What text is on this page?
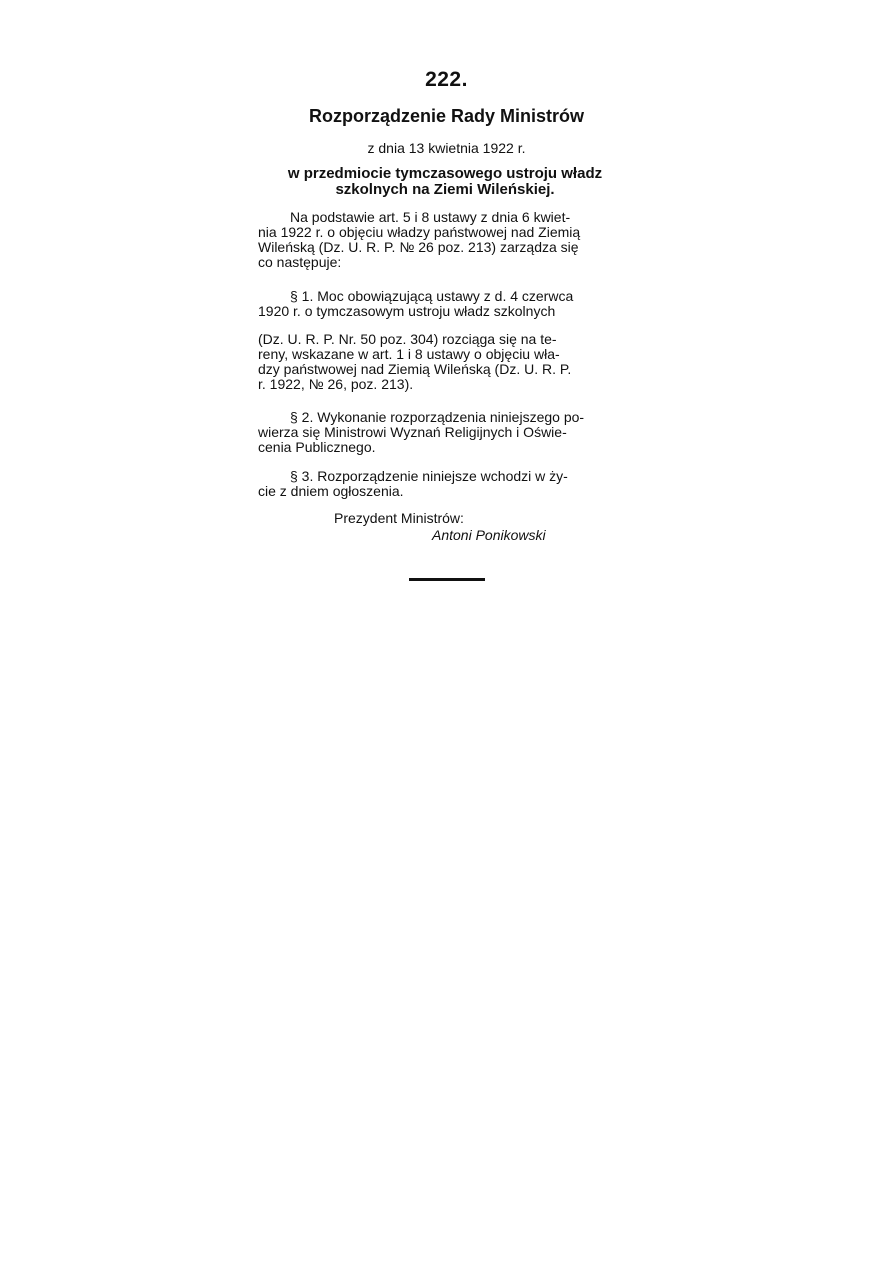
222.
Rozporządzenie Rady Ministrów
z dnia 13 kwietnia 1922 r.
w przedmiocie tymczasowego ustroju władz
szkolnych na Ziemi Wileńskiej.
Na podstawie art. 5 i 8 ustawy z dnia 6 kwiet-
nia 1922 r. o objęciu władzy państwowej nad Ziemią
Wileńską (Dz. U. R. P. № 26 poz. 213) zarządza się
co następuje:
§ 1. Moc obowiązującą ustawy z d. 4 czerwca
1920 r. o tymczasowym ustroju władz szkolnych
(Dz. U. R. P. Nr. 50 poz. 304) rozciąga się na te-
reny, wskazane w art. 1 i 8 ustawy o objęciu wła-
dzy państwowej nad Ziemią Wileńską (Dz. U. R. P.
r. 1922, № 26, poz. 213).
§ 2. Wykonanie rozporządzenia niniejszego po-
wierza się Ministrowi Wyznań Religijnych i Oświe-
cenia Publicznego.
§ 3. Rozporządzenie niniejsze wchodzi w ży-
cie z dniem ogłoszenia.
Prezydent Ministrów:
Antoni Ponikowski
